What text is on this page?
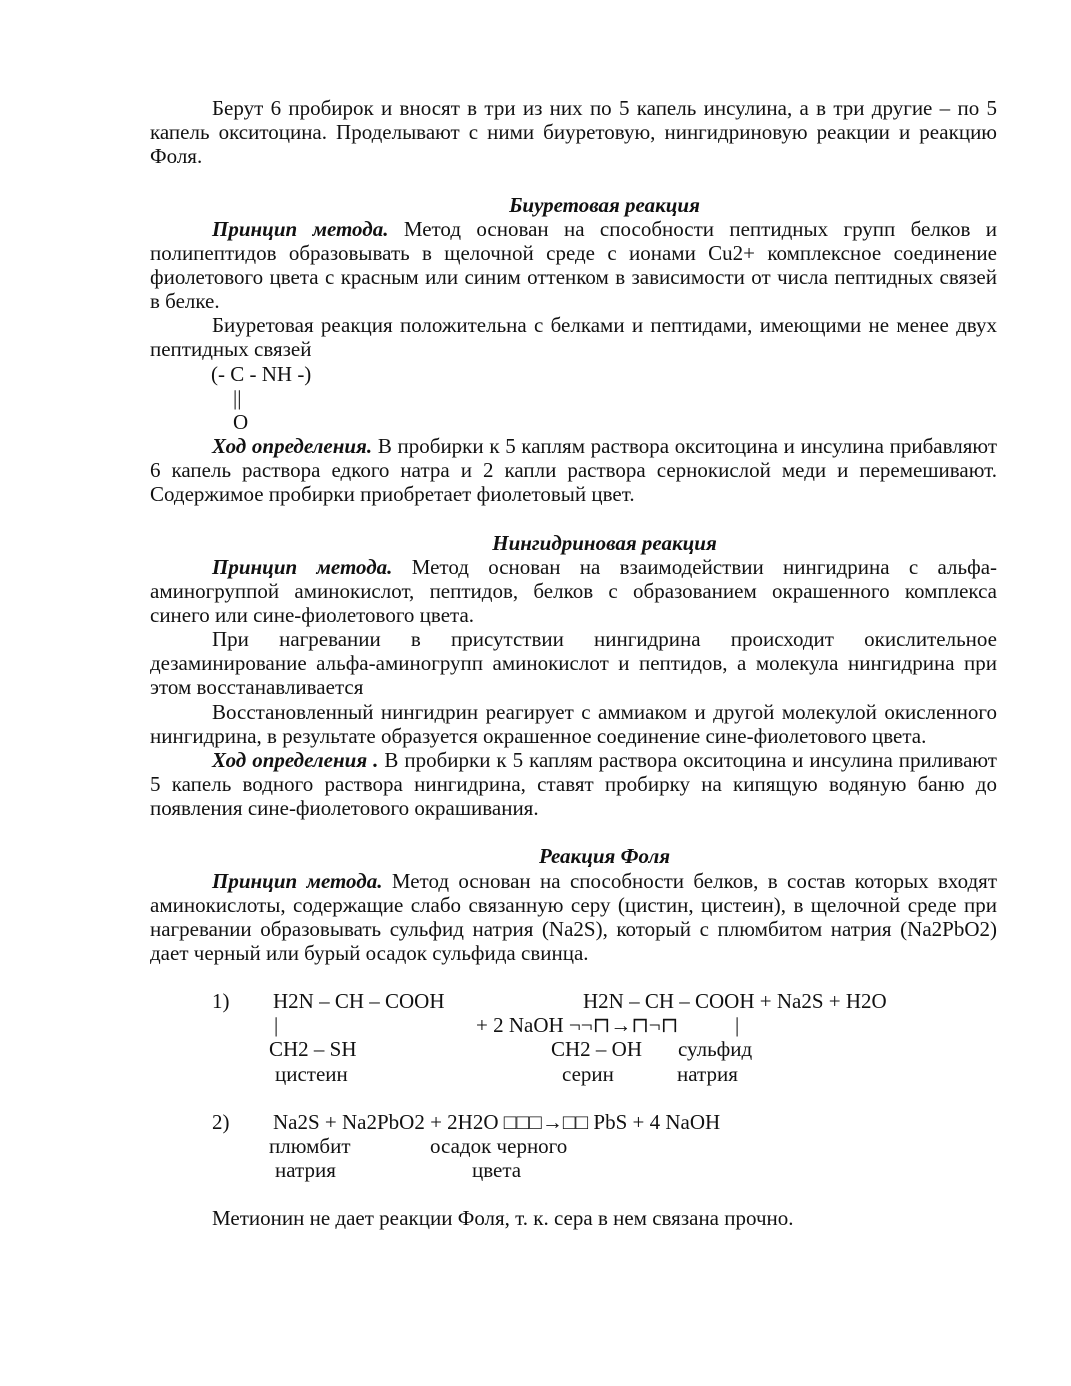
Берут 6 пробирок и вносят в три из них по 5 капель инсулина, а в три другие – по 5
капель окситоцина. Проделывают с ними биуретовую, нингидриновую реакции и реакцию
Фоля.
Биуретовая реакция
Принцип метода. Метод основан на способности пептидных групп белков и
полипептидов образовывать в щелочной среде с ионами Cu2+ комплексное соединение
фиолетового цвета с красным или синим оттенком в зависимости от числа пептидных связей
в белке.
Биуретовая реакция положительна с белками и пептидами, имеющими не менее двух
пептидных связей
(- C - NH -)
||
O
Ход определения. В пробирки к 5 каплям раствора окситоцина и инсулина прибавляют
6 капель раствора едкого натра и 2 капли раствора сернокислой меди и перемешивают.
Содержимое пробирки приобретает фиолетовый цвет.
Нингидриновая реакция
Принцип метода. Метод основан на взаимодействии нингидрина с альфа-
аминогруппой аминокислот, пептидов, белков с образованием окрашенного комплекса
синего или сине-фиолетового цвета.
При нагревании в присутствии нингидрина происходит окислительное
дезаминирование альфа-аминогрупп аминокислот и пептидов, а молекула нингидрина при
этом восстанавливается
Восстановленный нингидрин реагирует с аммиаком и другой молекулой окисленного
нингидрина, в результате образуется окрашенное соединение сине-фиолетового цвета.
Ход определения . В пробирки к 5 каплям раствора окситоцина и инсулина приливают
5 капель водного раствора нингидрина, ставят пробирку на кипящую водяную баню до
появления сине-фиолетового окрашивания.
Реакция Фоля
Принцип метода. Метод основан на способности белков, в состав которых входят
аминокислоты, содержащие слабо связанную серу (цистин, цистеин), в щелочной среде при
нагревании образовывать сульфид натрия (Na2S), который с плюмбитом натрия (Na2PbO2)
дает черный или бурый осадок сульфида свинца.
1) H2N – CH – COOH	H2N – CH – COOH + Na2S + H2O
|	+ 2 NaOH ¬¬⊓→⊓¬⊓	|
CH2 – SH	CH2 – OH сульфид
цистеин	серин	натрия
2) Na2S + Na2PbO2 + 2H2O □□□→□□ PbS + 4 NaOH
плюмбит	осадок черного
натрия	цвета
Метионин не дает реакции Фоля, т. к. сера в нем связана прочно.
